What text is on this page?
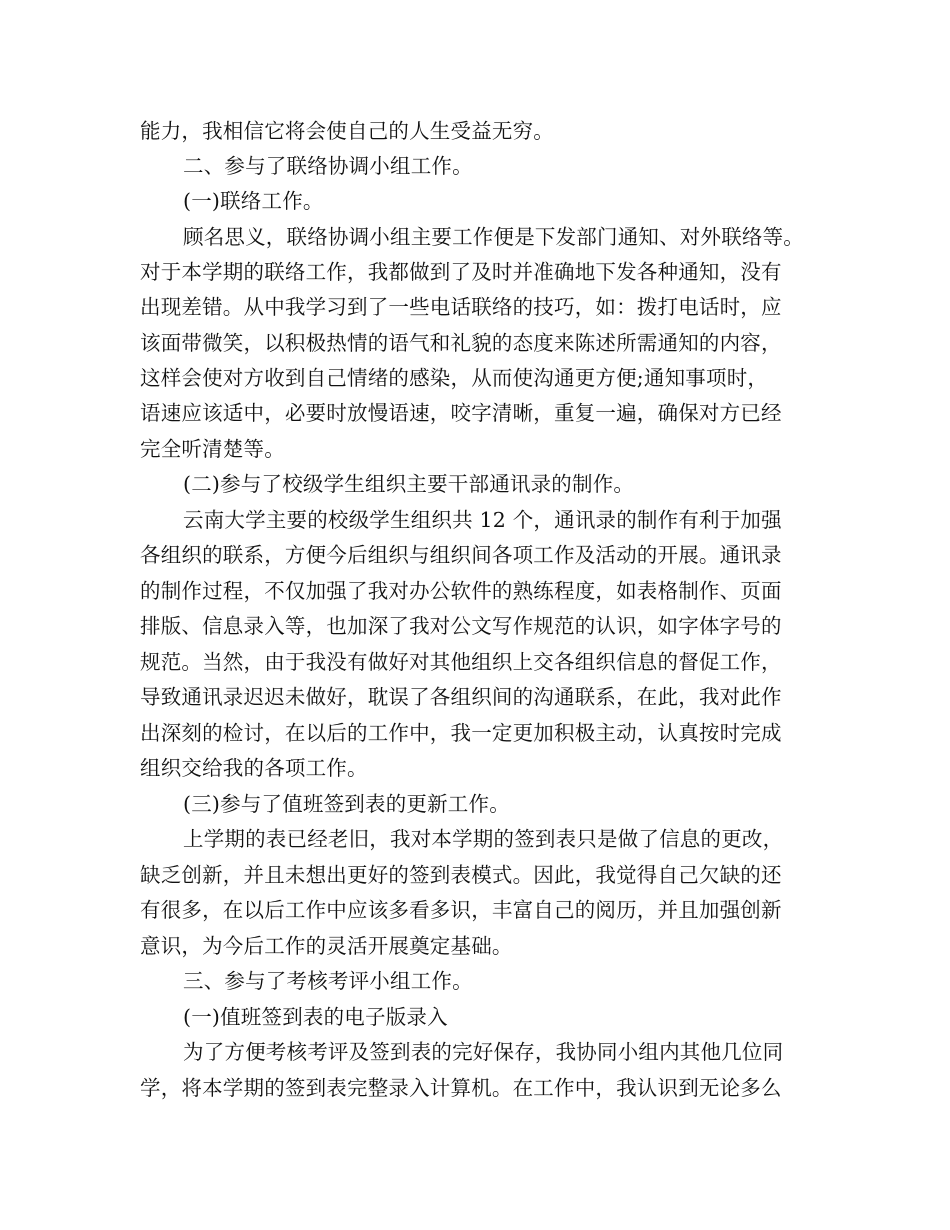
能力，我相信它将会使自己的人生受益无穷。
二、参与了联络协调小组工作。
(一)联络工作。
顾名思义，联络协调小组主要工作便是下发部门通知、对外联络等。
对于本学期的联络工作，我都做到了及时并准确地下发各种通知，没有
出现差错。从中我学习到了一些电话联络的技巧，如：拨打电话时，应
该面带微笑，以积极热情的语气和礼貌的态度来陈述所需通知的内容，
这样会使对方收到自己情绪的感染，从而使沟通更方便;通知事项时，
语速应该适中，必要时放慢语速，咬字清晰，重复一遍，确保对方已经
完全听清楚等。
(二)参与了校级学生组织主要干部通讯录的制作。
云南大学主要的校级学生组织共 12 个，通讯录的制作有利于加强
各组织的联系，方便今后组织与组织间各项工作及活动的开展。通讯录
的制作过程，不仅加强了我对办公软件的熟练程度，如表格制作、页面
排版、信息录入等，也加深了我对公文写作规范的认识，如字体字号的
规范。当然，由于我没有做好对其他组织上交各组织信息的督促工作，
导致通讯录迟迟未做好，耽误了各组织间的沟通联系，在此，我对此作
出深刻的检讨，在以后的工作中，我一定更加积极主动，认真按时完成
组织交给我的各项工作。
(三)参与了值班签到表的更新工作。
上学期的表已经老旧，我对本学期的签到表只是做了信息的更改，
缺乏创新，并且未想出更好的签到表模式。因此，我觉得自己欠缺的还
有很多，在以后工作中应该多看多识，丰富自己的阅历，并且加强创新
意识，为今后工作的灵活开展奠定基础。
三、参与了考核考评小组工作。
(一)值班签到表的电子版录入
为了方便考核考评及签到表的完好保存，我协同小组内其他几位同
学，将本学期的签到表完整录入计算机。在工作中，我认识到无论多么
